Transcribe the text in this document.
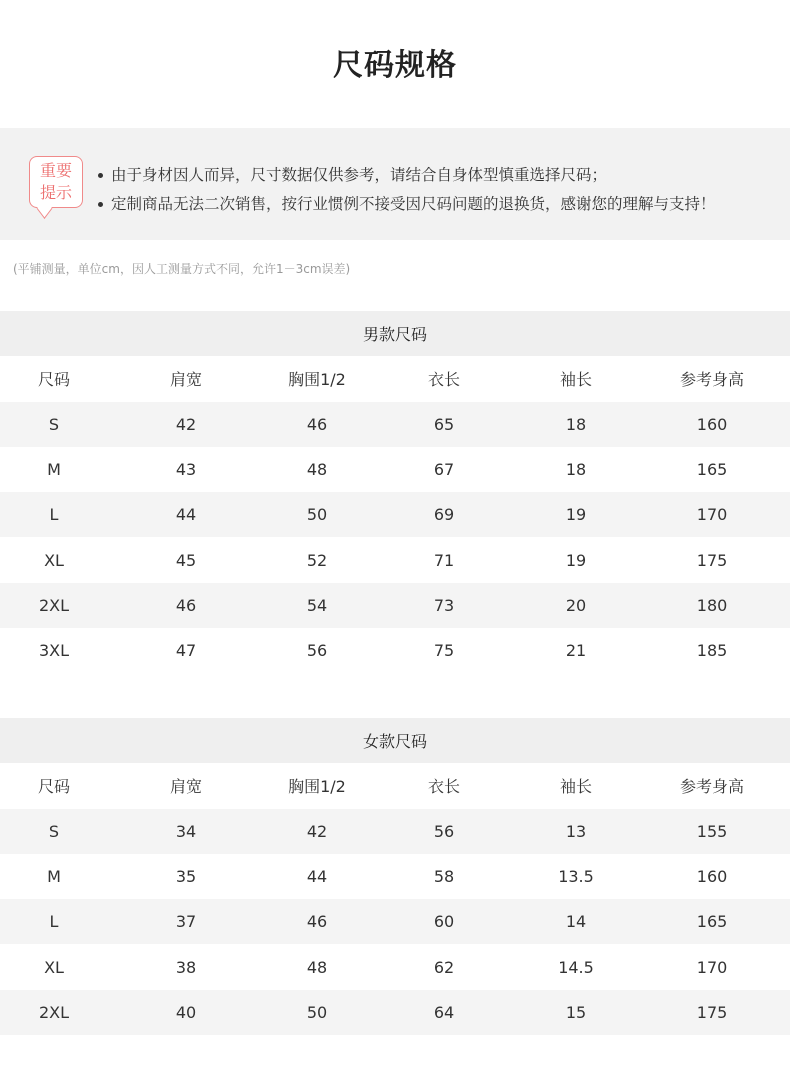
尺码规格
重要
提示
由于身材因人而异，尺寸数据仅供参考，请结合自身体型慎重选择尺码；
定制商品无法二次销售，按行业惯例不接受因尺码问题的退换货，感谢您的理解与支持！
(平铺测量，单位cm，因人工测量方式不同，允许1－3cm误差)
男款尺码					
尺码	肩宽	胸围1/2	衣长	袖长	参考身高
S	42	46	65	18	160
M	43	48	67	18	165
L	44	50	69	19	170
XL	45	52	71	19	175
2XL	46	54	73	20	180
3XL	47	56	75	21	185
女款尺码					
尺码	肩宽	胸围1/2	衣长	袖长	参考身高
S	34	42	56	13	155
M	35	44	58	13.5	160
L	37	46	60	14	165
XL	38	48	62	14.5	170
2XL	40	50	64	15	175
